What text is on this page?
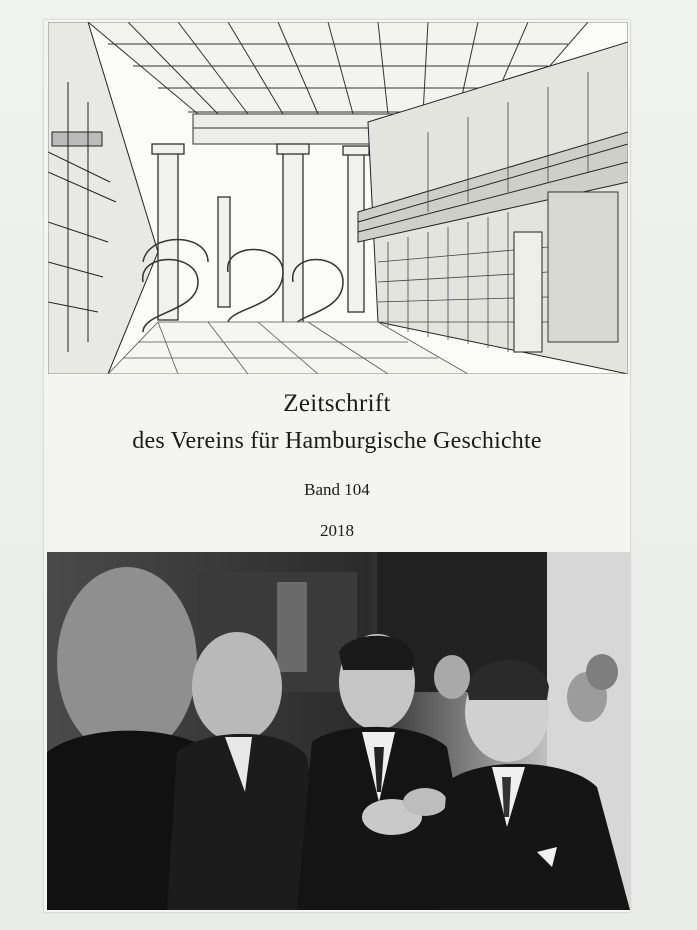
Zeitschrift
des Vereins für Hamburgische Geschichte
Band 104
2018
